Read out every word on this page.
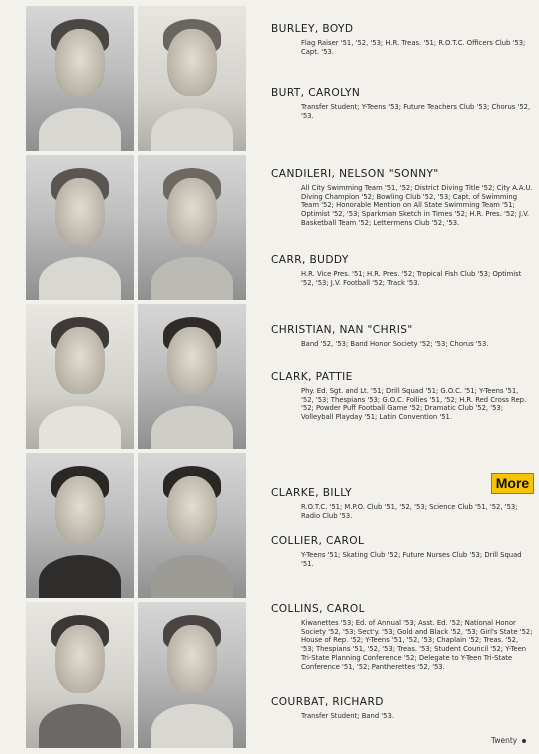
BURLEY, BOYD
Flag Raiser '51, '52, '53; H.R. Treas. '51; R.O.T.C. Officers Club '53; Capt. '53.
BURT, CAROLYN
Transfer Student; Y-Teens '53; Future Teachers Club '53; Chorus '52, '53.
CANDILERI, NELSON "SONNY"
All City Swimming Team '51, '52; District Diving Title '52; City A.A.U. Diving Champion '52; Bowling Club '52, '53; Capt. of Swimming Team '52; Honorable Mention on All State Swimming Team '51; Optimist '52, '53; Sparkman Sketch in Times '52; H.R. Pres. '52; J.V. Basketball Team '52; Lettermens Club '52, '53.
CARR, BUDDY
H.R. Vice Pres. '51; H.R. Pres. '52; Tropical Fish Club '53; Optimist '52, '53; J.V. Football '52; Track '53.
CHRISTIAN, NAN "CHRIS"
Band '52, '53; Band Honor Society '52; '53; Chorus '53.
CLARK, PATTIE
Phy. Ed. Sgt. and Lt. '51; Drill Squad '51; G.O.C. '51; Y-Teens '51, '52, '53; Thespians '53; G.O.C. Follies '51, '52; H.R. Red Cross Rep. '52; Powder Puff Football Game '52; Dramatic Club '52, '53; Volleyball Playday '51; Latin Convention '51.
CLARKE, BILLY
R.O.T.C. '51; M.P.O. Club '51, '52, '53; Science Club '51, '52, '53; Radio Club '53.
COLLIER, CAROL
Y-Teens '51; Skating Club '52; Future Nurses Club '53; Drill Squad '51.
COLLINS, CAROL
Kiwanettes '53; Ed. of Annual '53; Asst. Ed. '52; National Honor Society '52, '53; Sect'y. '53; Gold and Black '52, '53; Girl's State '52; House of Rep. '52; Y-Teens '51, '52, '53; Chaplain '52; Treas. '52, '53; Thespians '51, '52, '53; Treas. '53; Student Council '52; Y-Teen Tri-State Planning Conference '52; Delegate to Y-Teen Tri-State Conference '51, '52; Pantherettes '52, '53.
COURBAT, RICHARD
Transfer Student; Band '53.
More
Twenty
